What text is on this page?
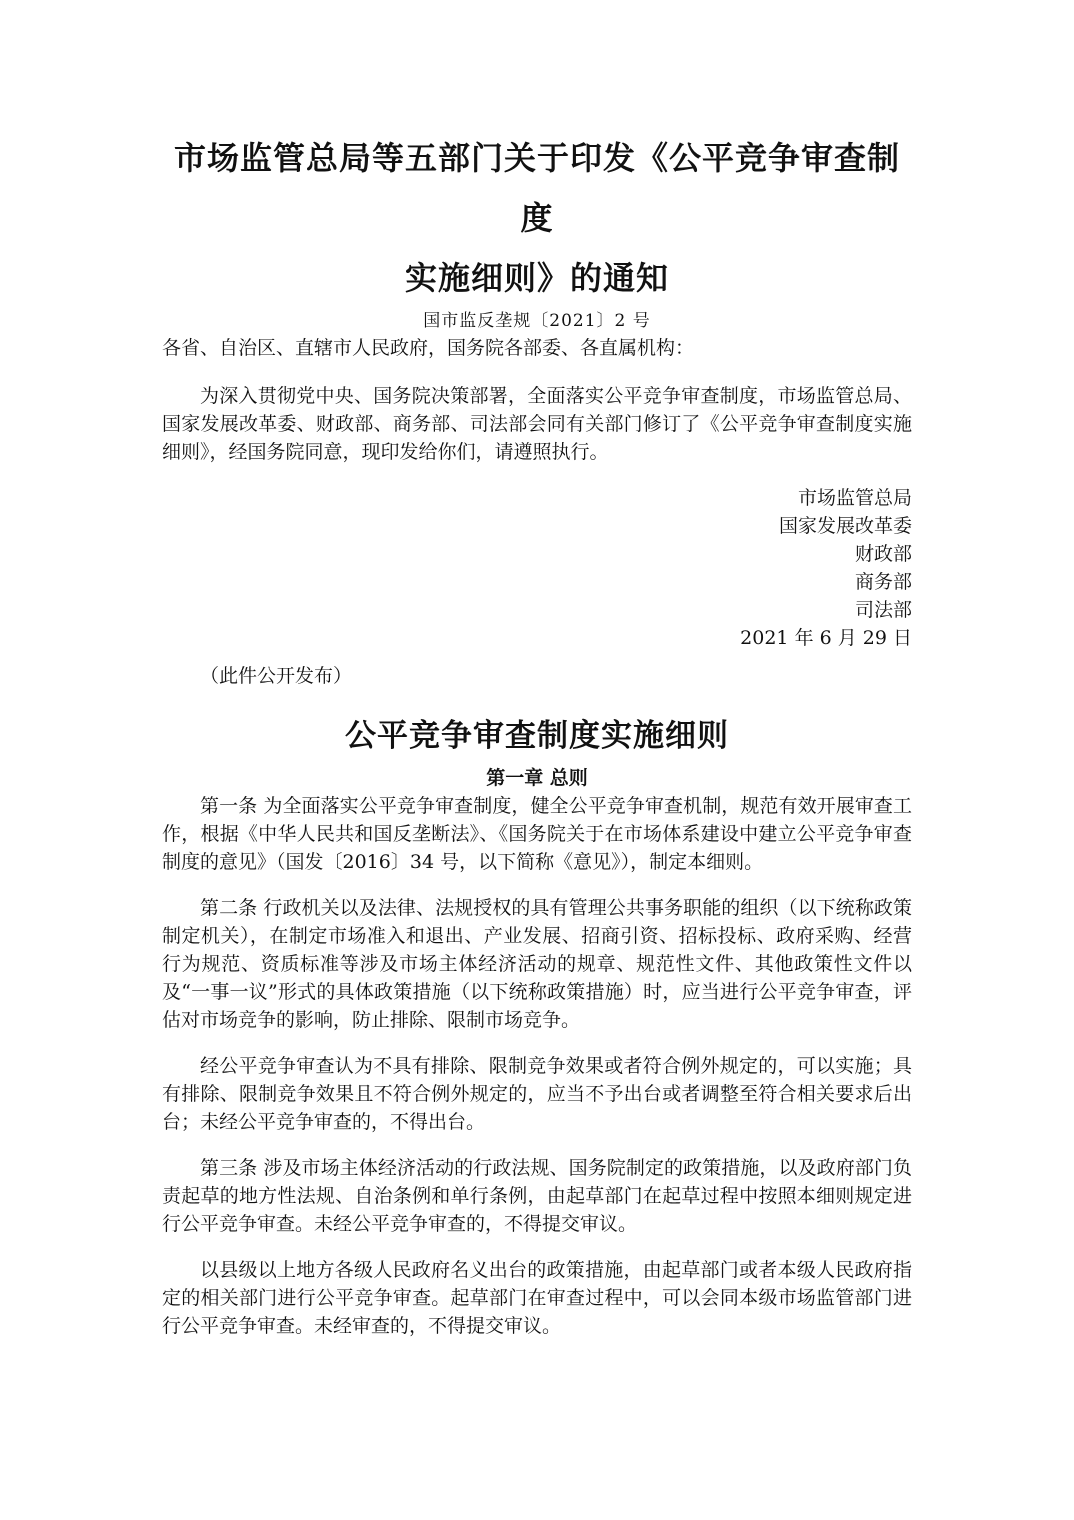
市场监管总局等五部门关于印发《公平竞争审查制度
实施细则》的通知
国市监反垄规〔2021〕2 号
各省、自治区、直辖市人民政府，国务院各部委、各直属机构：

为深入贯彻党中央、国务院决策部署，全面落实公平竞争审查制度，市场监管总局、国家发展改革委、财政部、商务部、司法部会同有关部门修订了《公平竞争审查制度实施细则》，经国务院同意，现印发给你们，请遵照执行。

市场监管总局
国家发展改革委
财政部
商务部
司法部
2021 年 6 月 29 日
（此件公开发布）
公平竞争审查制度实施细则
第一章 总则

第一条 为全面落实公平竞争审查制度，健全公平竞争审查机制，规范有效开展审查工作，根据《中华人民共和国反垄断法》、《国务院关于在市场体系建设中建立公平竞争审查制度的意见》（国发〔2016〕34 号，以下简称《意见》），制定本细则。

第二条 行政机关以及法律、法规授权的具有管理公共事务职能的组织（以下统称政策制定机关），在制定市场准入和退出、产业发展、招商引资、招标投标、政府采购、经营行为规范、资质标准等涉及市场主体经济活动的规章、规范性文件、其他政策性文件以及“一事一议”形式的具体政策措施（以下统称政策措施）时，应当进行公平竞争审查，评估对市场竞争的影响，防止排除、限制市场竞争。

经公平竞争审查认为不具有排除、限制竞争效果或者符合例外规定的，可以实施；具有排除、限制竞争效果且不符合例外规定的，应当不予出台或者调整至符合相关要求后出台；未经公平竞争审查的，不得出台。

第三条 涉及市场主体经济活动的行政法规、国务院制定的政策措施，以及政府部门负责起草的地方性法规、自治条例和单行条例，由起草部门在起草过程中按照本细则规定进行公平竞争审查。未经公平竞争审查的，不得提交审议。

以县级以上地方各级人民政府名义出台的政策措施，由起草部门或者本级人民政府指定的相关部门进行公平竞争审查。起草部门在审查过程中，可以会同本级市场监管部门进行公平竞争审查。未经审查的，不得提交审议。
